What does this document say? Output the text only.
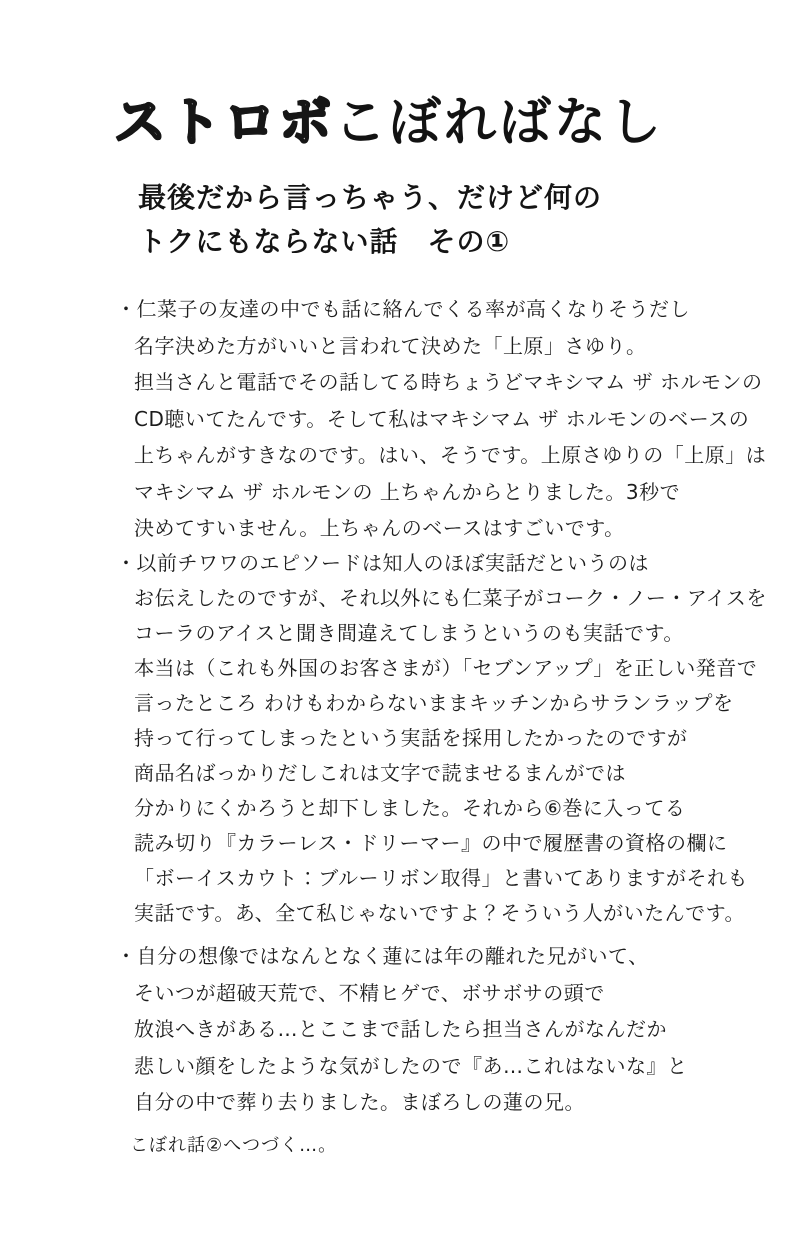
ストロボこぼればなし
最後だから言っちゃう、だけど何の
トクにもならない話　その①
・仁菜子の友達の中でも話に絡んでくる率が高くなりそうだし
名字決めた方がいいと言われて決めた「上原」さゆり。
担当さんと電話でその話してる時ちょうどマキシマム ザ ホルモンの
CD聴いてたんです。そして私はマキシマム ザ ホルモンのベースの
上ちゃんがすきなのです。はい、そうです。上原さゆりの「上原」は
マキシマム ザ ホルモンの 上ちゃんからとりました。3秒で
決めてすいません。上ちゃんのベースはすごいです。
・以前チワワのエピソードは知人のほぼ実話だというのは
お伝えしたのですが、それ以外にも仁菜子がコーク・ノー・アイスを
コーラのアイスと聞き間違えてしまうというのも実話です。
本当は（これも外国のお客さまが）「セブンアップ」を正しい発音で
言ったところ わけもわからないままキッチンからサランラップを
持って行ってしまったという実話を採用したかったのですが
商品名ばっかりだしこれは文字で読ませるまんがでは
分かりにくかろうと却下しました。それから⑥巻に入ってる
読み切り『カラーレス・ドリーマー』の中で履歴書の資格の欄に
「ボーイスカウト：ブルーリボン取得」と書いてありますがそれも
実話です。あ、全て私じゃないですよ？そういう人がいたんです。
・自分の想像ではなんとなく蓮には年の離れた兄がいて、
そいつが超破天荒で、不精ヒゲで、ボサボサの頭で
放浪へきがある…とここまで話したら担当さんがなんだか
悲しい顔をしたような気がしたので『あ…これはないな』と
自分の中で葬り去りました。まぼろしの蓮の兄。
こぼれ話②へつづく…。
